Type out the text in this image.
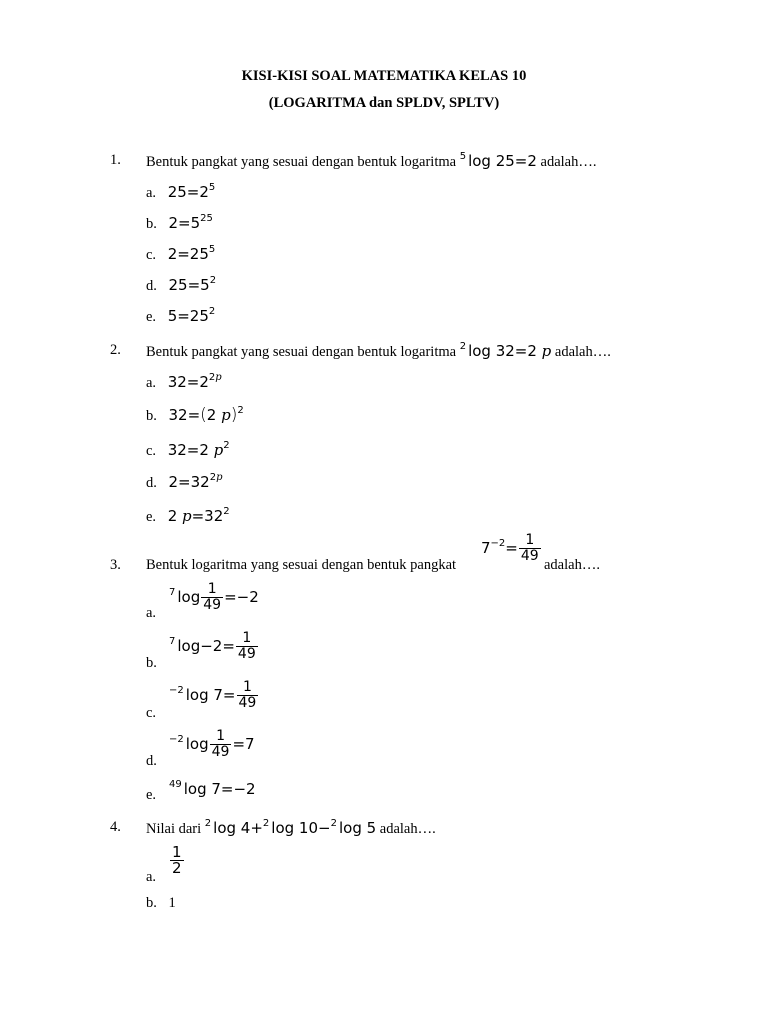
KISI-KISI SOAL MATEMATIKA KELAS 10
(LOGARITMA dan SPLDV, SPLTV)
1. Bentuk pangkat yang sesuai dengan bentuk logaritma $^5$ log 25=2 adalah….
a. $25=2^5$
b. $2=5^{25}$
c. $2=25^5$
d. $25=5^2$
e. $5=25^2$
2. Bentuk pangkat yang sesuai dengan bentuk logaritma $^2$ log 32=2 p adalah….
a. $32=2^{2p}$
b. 32=(2 p)$^2$
c. 32=2 $p^2$
d. $2=32^{2p}$
e. 2 $p=32^2$
3. Bentuk logaritma yang sesuai dengan bentuk pangkat
$7^{-2}= \frac{1}{49}$
adalah….
a.
$^7$ $\log \frac{1}{49} =-2$
b.
$^7$ $\log-2= \frac{1}{49}$
c.
$^{-2}$ $\log 7= \frac{1}{49}$
d.
$^{-2}$ $\log \frac{1}{49} =7$
e.
$^{49}$ log 7=−2
4. Nilai dari $^2$ log 4+$^2$ log 10−$^2$ log 5 adalah….
a.
$\frac{1}{2}$
b. 1
